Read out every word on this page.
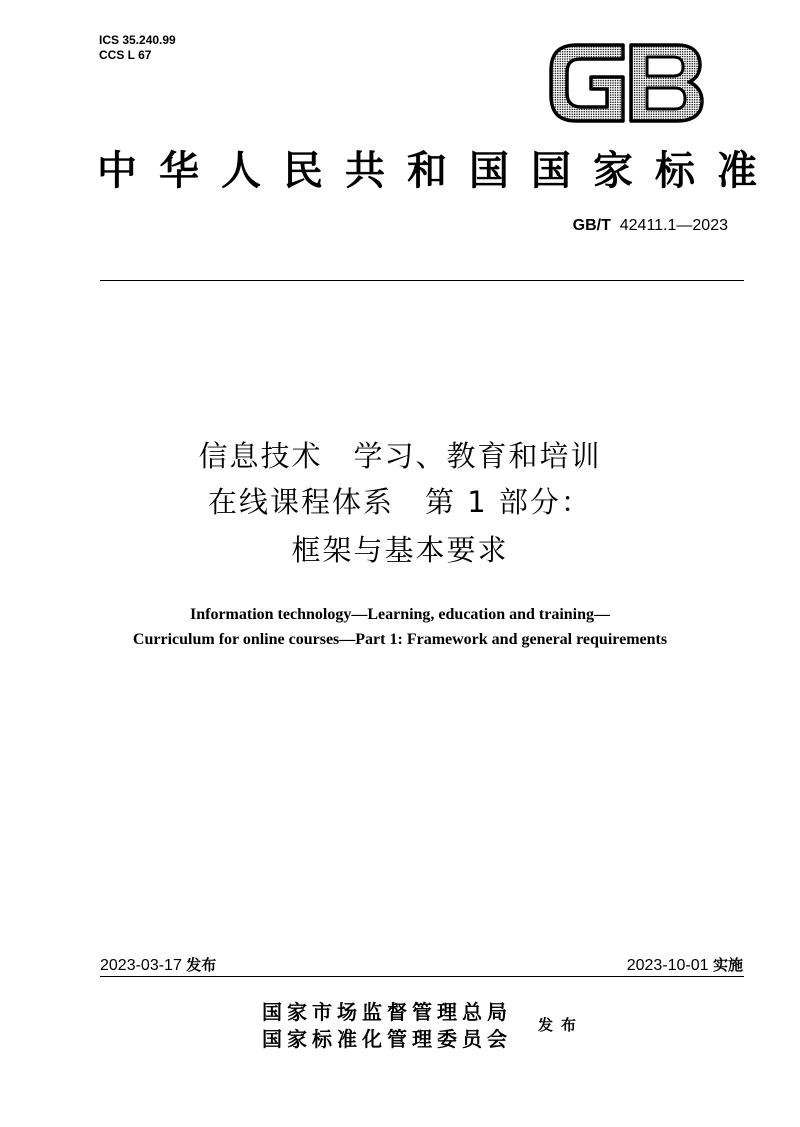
ICS 35.240.99
CCS L 67
中华人民共和国国家标准
GB/T 42411.1—2023
信息技术　学习、教育和培训
在线课程体系　第 1 部分：
框架与基本要求
Information technology—Learning, education and training—
Curriculum for online courses—Part 1: Framework and general requirements
2023-03-17 发布	2023-10-01 实施
国家市场监督管理总局
国家标准化管理委员会
发布
